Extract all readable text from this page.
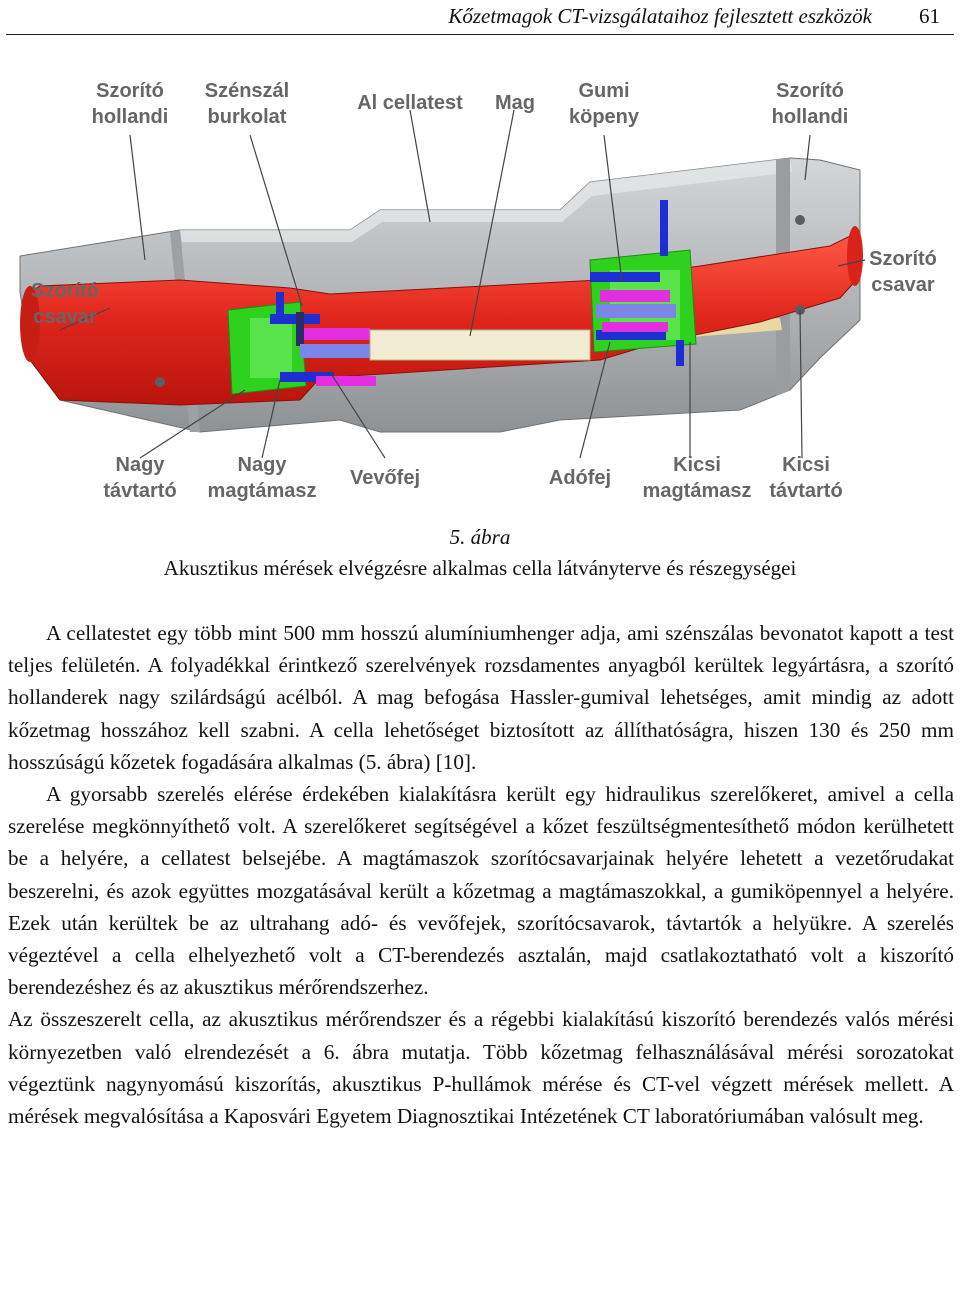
Kőzetmagok CT-vizsgálataihoz fejlesztett eszközök 61
Szorító
hollandi
Szénszál
burkolat
Al cellatest	Mag
Gumi
köpeny
Szorító
hollandi
Szorító
csavar
Szorító
csavar
Nagy
távtartó
Nagy
magtámasz
Vevőfej	Adófej
Kicsi
magtámasz
Kicsi
távtartó
5. ábra
Akusztikus mérések elvégzésre alkalmas cella látványterve és részegységei

A cellatestet egy több mint 500 mm hosszú alumíniumhenger adja, ami szénszálas bevonatot kapott a test teljes felületén. A folyadékkal érintkező szerelvények rozsdamentes anyagból kerültek legyártásra, a szorító hollanderek nagy szilárdságú acélból. A mag befogása Hassler-gumival lehetséges, amit mindig az adott kőzetmag hosszához kell szabni. A cella lehetőséget biztosított az állíthatóságra, hiszen 130 és 250 mm hosszúságú kőzetek fogadására alkalmas (5. ábra) [10].

A gyorsabb szerelés elérése érdekében kialakításra került egy hidraulikus szerelőkeret, amivel a cella szerelése megkönnyíthető volt. A szerelőkeret segítségével a kőzet feszültségmentesíthető módon kerülhetett be a helyére, a cellatest belsejébe. A magtámaszok szorítócsavarjainak helyére lehetett a vezetőrudakat beszerelni, és azok együttes mozgatásával került a kőzetmag a magtámaszokkal, a gumiköpennyel a helyére. Ezek után kerültek be az ultrahang adó- és vevőfejek, szorítócsavarok, távtartók a helyükre. A szerelés végeztével a cella elhelyezhető volt a CT-berendezés asztalán, majd csatlakoztatható volt a kiszorító berendezéshez és az akusztikus mérőrendszerhez.

Az összeszerelt cella, az akusztikus mérőrendszer és a régebbi kialakítású kiszorító berendezés valós mérési környezetben való elrendezését a 6. ábra mutatja. Több kőzetmag felhasználásával mérési sorozatokat végeztünk nagynyomású kiszorítás, akusztikus P-hullámok mérése és CT-vel végzett mérések mellett. A mérések megvalósítása a Kaposvári Egyetem Diagnosztikai Intézetének CT laboratóriumában valósult meg.
